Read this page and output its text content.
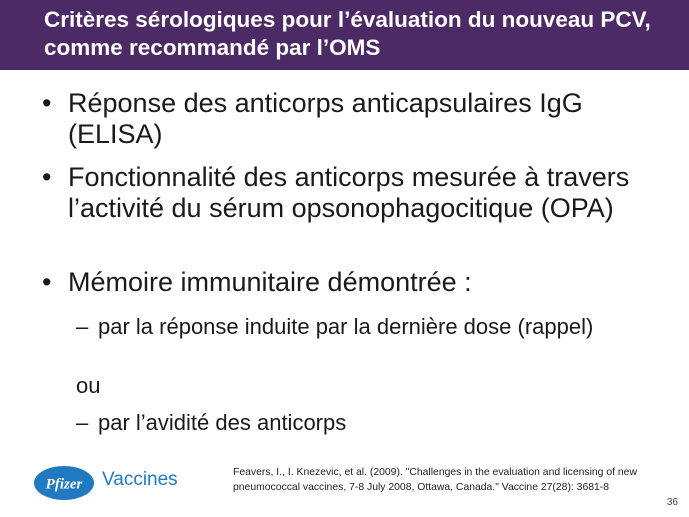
Critères sérologiques pour l’évaluation du nouveau PCV, comme recommandé par l’OMS
• Réponse des anticorps anticapsulaires IgG (ELISA)
• Fonctionnalité des anticorps mesurée à travers l’activité du sérum opsonophagocitique (OPA)
• Mémoire immunitaire démontrée :
– par la réponse induite par la dernière dose (rappel)
ou
– par l’avidité des anticorps
Pfizer Vaccines	Feavers, I., I. Knezevic, et al. (2009). "Challenges in the evaluation and licensing of new pneumococcal vaccines, 7-8 July 2008, Ottawa, Canada." Vaccine 27(28): 3681-8
36
